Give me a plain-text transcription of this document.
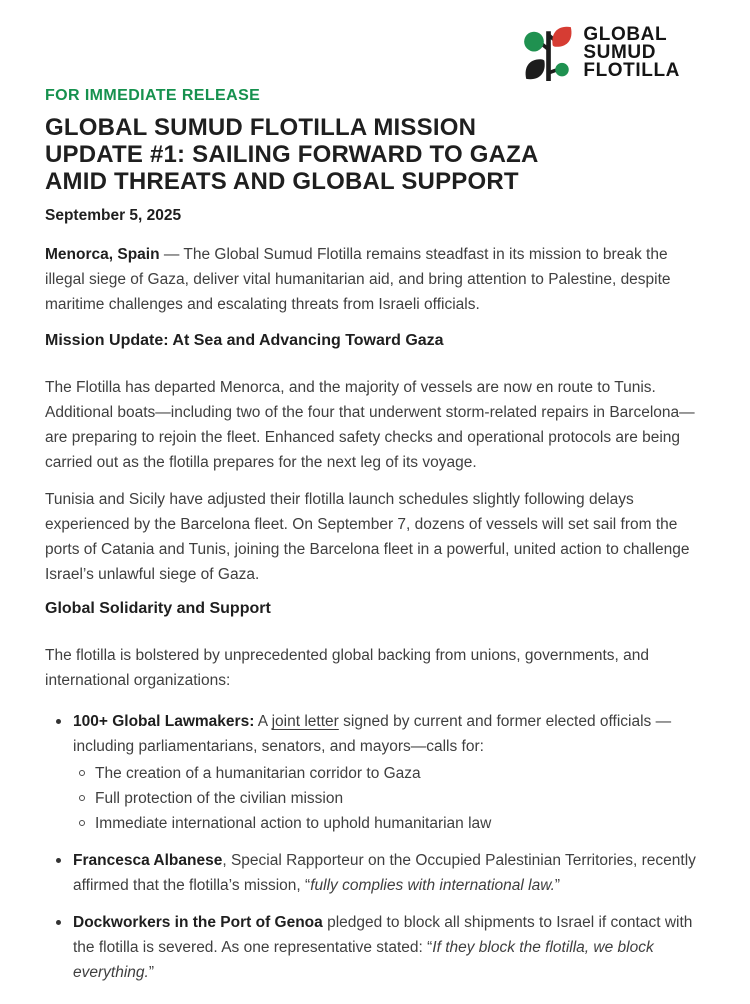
GLOBAL
SUMUD
FLOTILLA
FOR IMMEDIATE RELEASE
GLOBAL SUMUD FLOTILLA MISSION
UPDATE #1: SAILING FORWARD TO GAZA
AMID THREATS AND GLOBAL SUPPORT
September 5, 2025

Menorca, Spain — The Global Sumud Flotilla remains steadfast in its mission to break the illegal siege of Gaza, deliver vital humanitarian aid, and bring attention to Palestine, despite maritime challenges and escalating threats from Israeli officials.

Mission Update: At Sea and Advancing Toward Gaza

The Flotilla has departed Menorca, and the majority of vessels are now en route to Tunis. Additional boats—including two of the four that underwent storm-related repairs in Barcelona—are preparing to rejoin the fleet. Enhanced safety checks and operational protocols are being carried out as the flotilla prepares for the next leg of its voyage.

Tunisia and Sicily have adjusted their flotilla launch schedules slightly following delays experienced by the Barcelona fleet. On September 7, dozens of vessels will set sail from the ports of Catania and Tunis, joining the Barcelona fleet in a powerful, united action to challenge Israel’s unlawful siege of Gaza.

Global Solidarity and Support

The flotilla is bolstered by unprecedented global backing from unions, governments, and international organizations:

100+ Global Lawmakers: A joint letter signed by current and former elected officials —including parliamentarians, senators, and mayors—calls for:
The creation of a humanitarian corridor to Gaza
Full protection of the civilian mission
Immediate international action to uphold humanitarian law
Francesca Albanese, Special Rapporteur on the Occupied Palestinian Territories, recently affirmed that the flotilla’s mission, “fully complies with international law.”
Dockworkers in the Port of Genoa pledged to block all shipments to Israel if contact with the flotilla is severed. As one representative stated: “If they block the flotilla, we block everything.”
